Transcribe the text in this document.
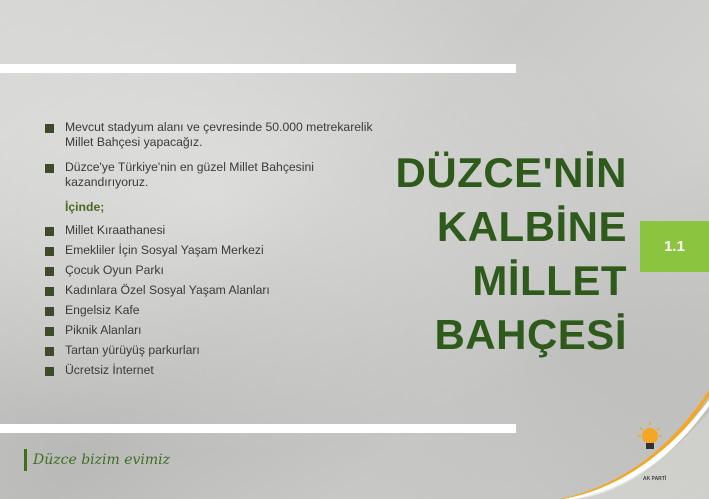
Mevcut stadyum alanı ve çevresinde 50.000 metrekarelik Millet Bahçesi yapacağız.
Düzce'ye Türkiye'nin en güzel Millet Bahçesini kazandırıyoruz.
İçinde;
Millet Kıraathanesi
Emekliler İçin Sosyal Yaşam Merkezi
Çocuk Oyun Parkı
Kadınlara Özel Sosyal Yaşam Alanları
Engelsiz Kafe
Piknik Alanları
Tartan yürüyüş parkurları
Ücretsiz İnternet
DÜZCE'NİN
KALBİNE
MİLLET
BAHÇESİ
1.1
Düzce bizim evimiz
AK PARTİ
